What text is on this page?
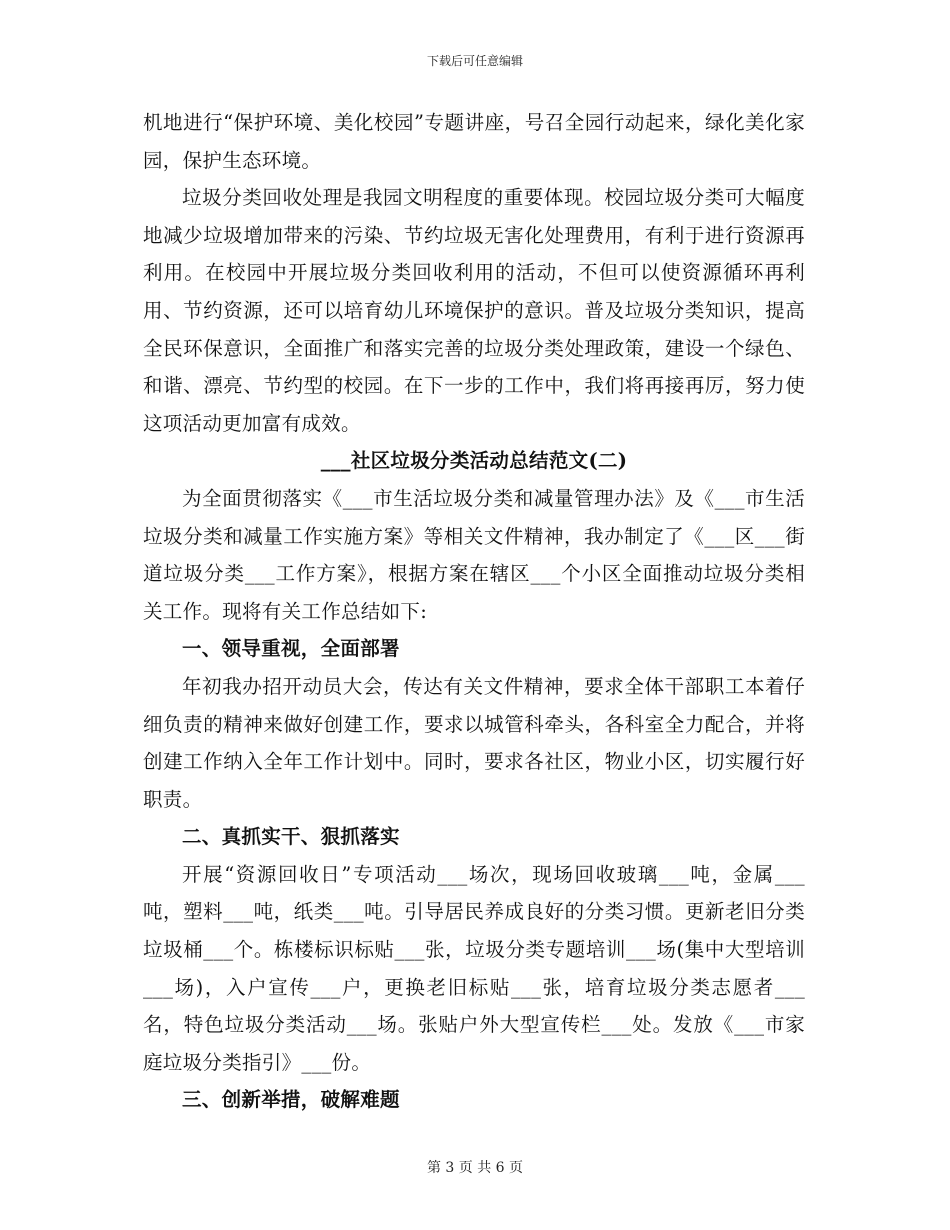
下载后可任意编辑

机地进行“保护环境、美化校园”专题讲座，号召全园行动起来，绿化美化家园，保护生态环境。

垃圾分类回收处理是我园文明程度的重要体现。校园垃圾分类可大幅度地减少垃圾增加带来的污染、节约垃圾无害化处理费用，有利于进行资源再利用。在校园中开展垃圾分类回收利用的活动，不但可以使资源循环再利用、节约资源，还可以培育幼儿环境保护的意识。普及垃圾分类知识，提高全民环保意识，全面推广和落实完善的垃圾分类处理政策，建设一个绿色、和谐、漂亮、节约型的校园。在下一步的工作中，我们将再接再厉，努力使这项活动更加富有成效。

___社区垃圾分类活动总结范文(二)

为全面贯彻落实《___市生活垃圾分类和减量管理办法》及《___市生活垃圾分类和减量工作实施方案》等相关文件精神，我办制定了《___区___街道垃圾分类___工作方案》，根据方案在辖区___个小区全面推动垃圾分类相关工作。现将有关工作总结如下:

一、领导重视，全面部署

年初我办招开动员大会，传达有关文件精神，要求全体干部职工本着仔细负责的精神来做好创建工作，要求以城管科牵头，各科室全力配合，并将创建工作纳入全年工作计划中。同时，要求各社区，物业小区，切实履行好职责。

二、真抓实干、狠抓落实

开展“资源回收日”专项活动___场次，现场回收玻璃___吨，金属___吨，塑料___吨，纸类___吨。引导居民养成良好的分类习惯。更新老旧分类垃圾桶___个。栋楼标识标贴___张，垃圾分类专题培训___场(集中大型培训___场)，入户宣传___户，更换老旧标贴___张，培育垃圾分类志愿者___名，特色垃圾分类活动___场。张贴户外大型宣传栏___处。发放《___市家庭垃圾分类指引》___份。

三、创新举措，破解难题

第 3 页 共 6 页
